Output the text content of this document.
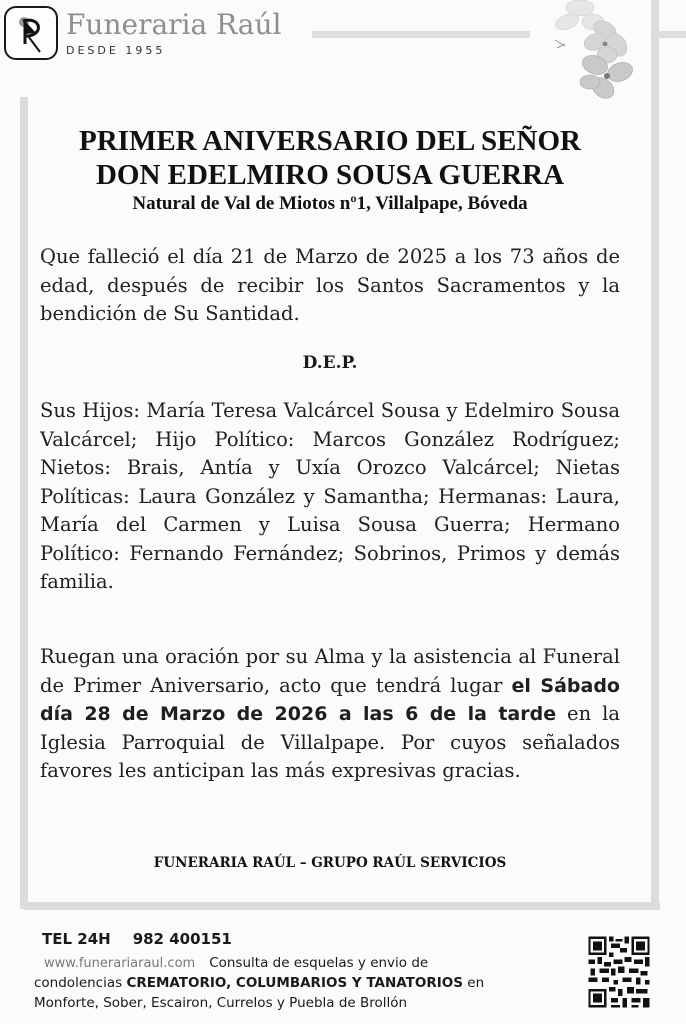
Funeraria Raúl
DESDE 1955
PRIMER ANIVERSARIO DEL SEÑOR
DON EDELMIRO SOUSA GUERRA
Natural de Val de Miotos nº1, Villalpape, Bóveda
Que falleció el día 21 de Marzo de 2025 a los 73 años de edad, después de recibir los Santos Sacramentos y la bendición de Su Santidad.
D.E.P.
Sus Hijos: María Teresa Valcárcel Sousa y Edelmiro Sousa Valcárcel; Hijo Político: Marcos González Rodríguez; Nietos: Brais, Antía y Uxía Orozco Valcárcel; Nietas Políticas: Laura González y Samantha; Hermanas: Laura, María del Carmen y Luisa Sousa Guerra; Hermano Político: Fernando Fernández; Sobrinos, Primos y demás familia.
Ruegan una oración por su Alma y la asistencia al Funeral de Primer Aniversario, acto que tendrá lugar el Sábado día 28 de Marzo de 2026 a las 6 de la tarde en la Iglesia Parroquial de Villalpape. Por cuyos señalados favores les anticipan las más expresivas gracias.
FUNERARIA RAÚL – GRUPO RAÚL SERVICIOS
TEL 24H 982 400151
www.funerariaraul.com Consulta de esquelas y envio de
condolencias CREMATORIO, COLUMBARIOS Y TANATORIOS en
Monforte, Sober, Escairon, Currelos y Puebla de Brollón
